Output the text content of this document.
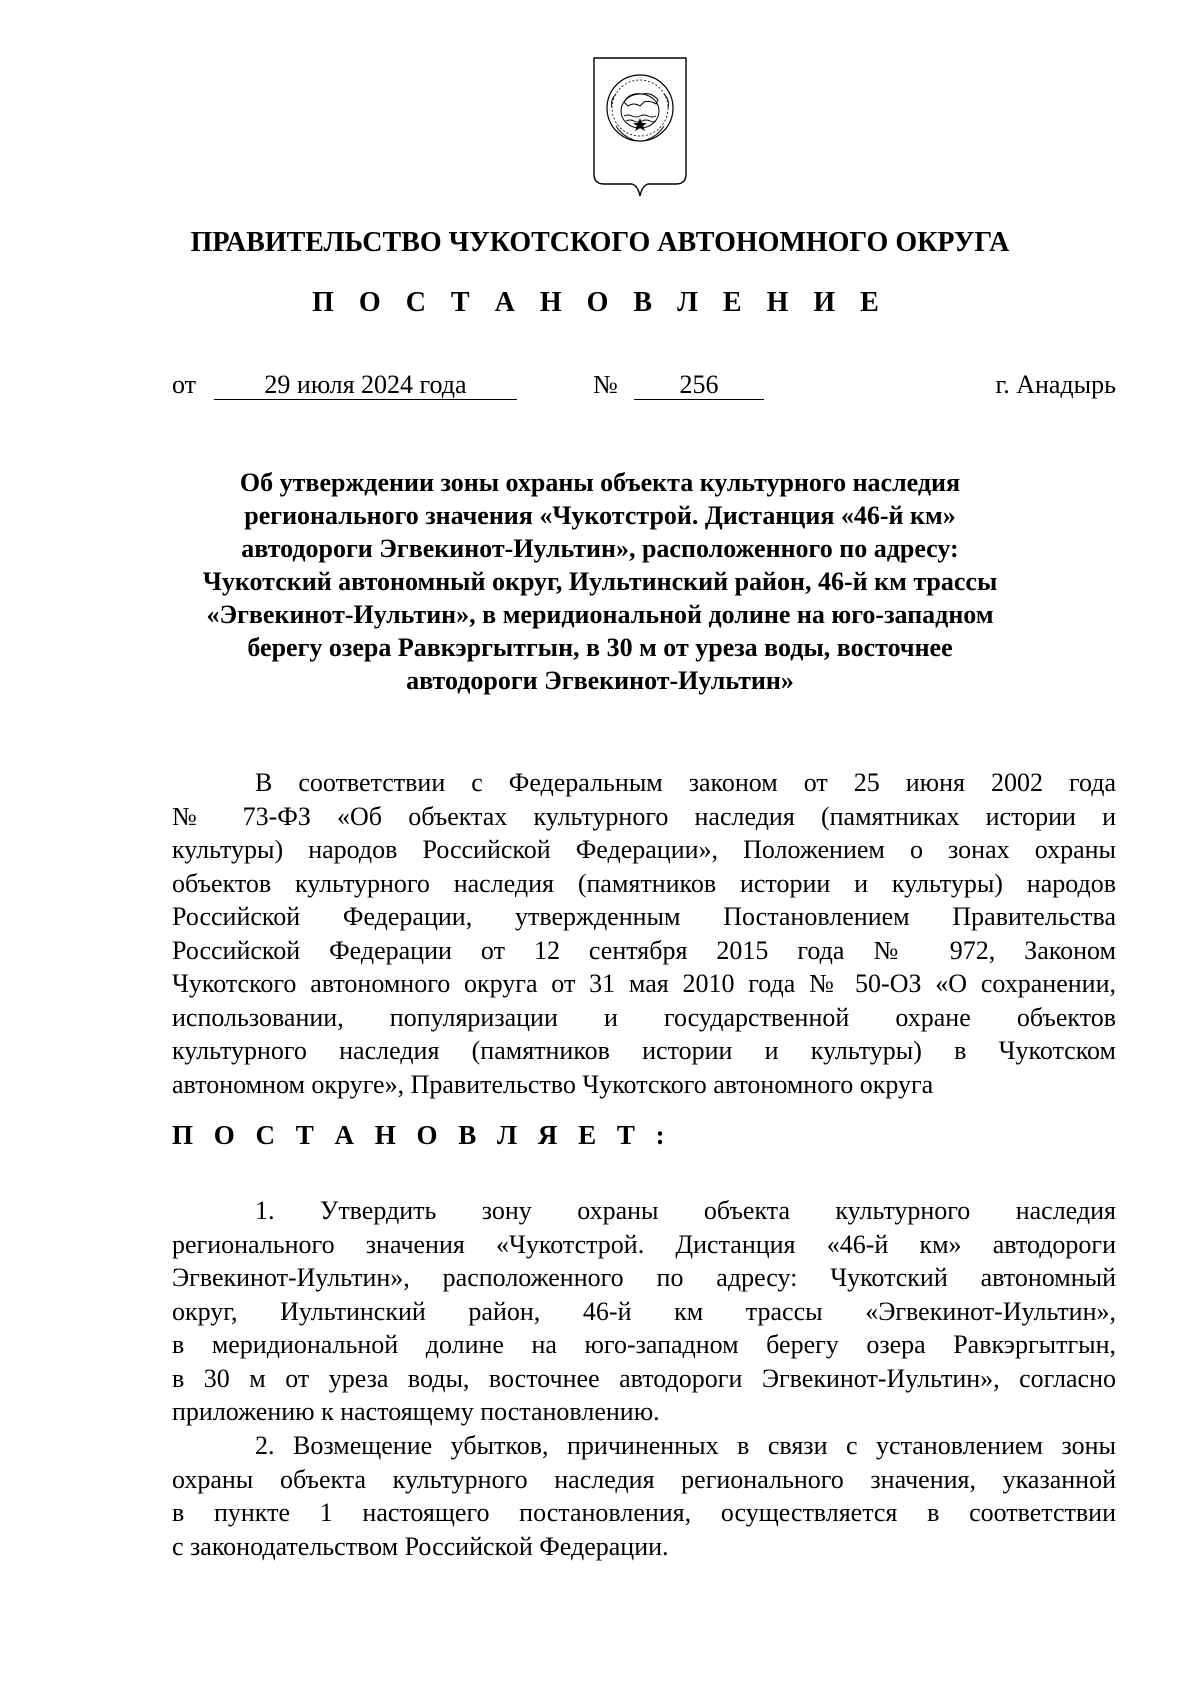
ПРАВИТЕЛЬСТВО ЧУКОТСКОГО АВТОНОМНОГО ОКРУГА
П О С Т А Н О В Л Е Н И Е
от	29 июля 2024 года	№	256	г. Анадырь
Об утверждении зоны охраны объекта культурного наследия
регионального значения «Чукотстрой. Дистанция «46-й км»
автодороги Эгвекинот-Иультин», расположенного по адресу:
Чукотский автономный округ, Иультинский район, 46-й км трассы
«Эгвекинот-Иультин», в меридиональной долине на юго-западном
берегу озера Равкэргытгын, в 30 м от уреза воды, восточнее
автодороги Эгвекинот-Иультин»
В соответствии с Федеральным законом от 25 июня 2002 года
№ 73-ФЗ «Об объектах культурного наследия (памятниках истории и
культуры) народов Российской Федерации», Положением о зонах охраны
объектов культурного наследия (памятников истории и культуры) народов
Российской Федерации, утвержденным Постановлением Правительства
Российской Федерации от 12 сентября 2015 года № 972, Законом
Чукотского автономного округа от 31 мая 2010 года № 50-ОЗ «О сохранении,
использовании, популяризации и государственной охране объектов
культурного наследия (памятников истории и культуры) в Чукотском
автономном округе», Правительство Чукотского автономного округа
П О С Т А Н О В Л Я Е Т :
1. Утвердить зону охраны объекта культурного наследия
регионального значения «Чукотстрой. Дистанция «46-й км» автодороги
Эгвекинот-Иультин», расположенного по адресу: Чукотский автономный
округ, Иультинский район, 46-й км трассы «Эгвекинот-Иультин»,
в меридиональной долине на юго-западном берегу озера Равкэргытгын,
в 30 м от уреза воды, восточнее автодороги Эгвекинот-Иультин», согласно
приложению к настоящему постановлению.
2. Возмещение убытков, причиненных в связи с установлением зоны
охраны объекта культурного наследия регионального значения, указанной
в пункте 1 настоящего постановления, осуществляется в соответствии
с законодательством Российской Федерации.
